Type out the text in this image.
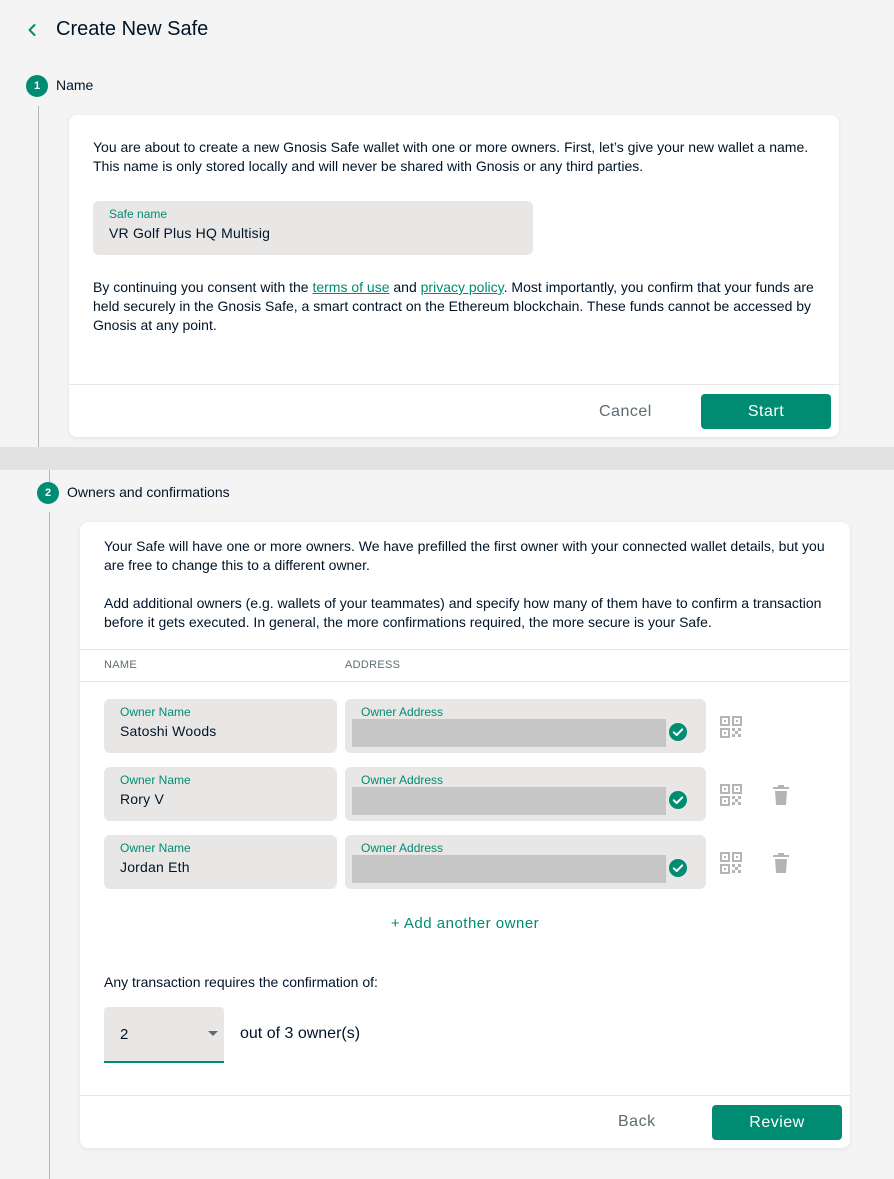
Create New Safe
1	Name

You are about to create a new Gnosis Safe wallet with one or more owners. First, let’s give your new wallet a name. This name is only stored locally and will never be shared with Gnosis or any third parties.

Safe name
VR Golf Plus HQ Multisig

By continuing you consent with the terms of use and privacy policy. Most importantly, you confirm that your funds are held securely in the Gnosis Safe, a smart contract on the Ethereum blockchain. These funds cannot be accessed by Gnosis at any point.

Cancel	Start
2	Owners and confirmations

Your Safe will have one or more owners. We have prefilled the first owner with your connected wallet details, but you are free to change this to a different owner.

Add additional owners (e.g. wallets of your teammates) and specify how many of them have to confirm a transaction before it gets executed. In general, the more confirmations required, the more secure is your Safe.

NAME	ADDRESS
Owner Name
Satoshi Woods
Owner Address
Owner Name
Rory V
Owner Address
Owner Name
Jordan Eth
Owner Address
+ Add another owner
Any transaction requires the confirmation of:
2	out of 3 owner(s)
Back	Review
